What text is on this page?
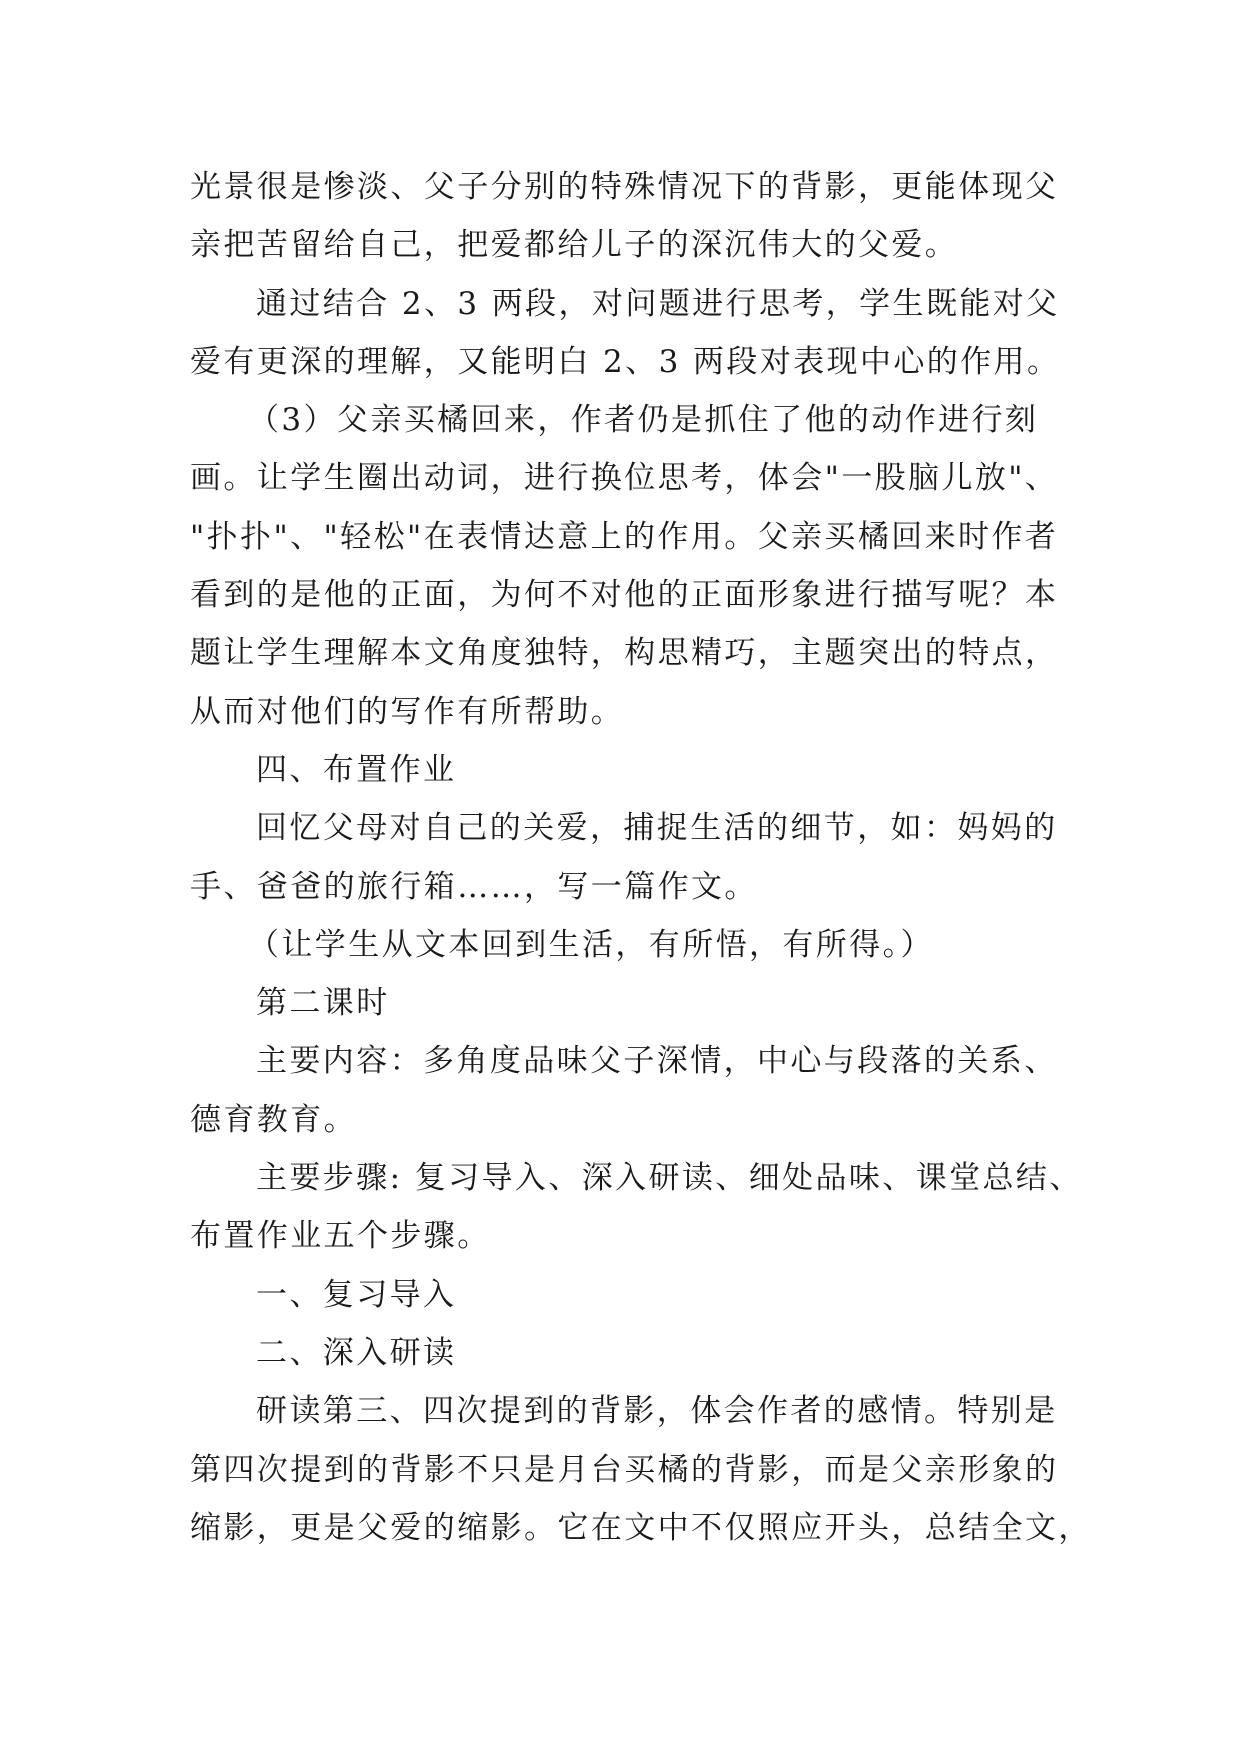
光景很是惨淡、父子分别的特殊情况下的背影，更能体现父
亲把苦留给自己，把爱都给儿子的深沉伟大的父爱。
通过结合 2、3 两段，对问题进行思考，学生既能对父
爱有更深的理解，又能明白 2、3 两段对表现中心的作用。
（3）父亲买橘回来，作者仍是抓住了他的动作进行刻
画。让学生圈出动词，进行换位思考，体会"一股脑儿放"、
"扑扑"、"轻松"在表情达意上的作用。父亲买橘回来时作者
看到的是他的正面，为何不对他的正面形象进行描写呢？本
题让学生理解本文角度独特，构思精巧，主题突出的特点，
从而对他们的写作有所帮助。
四、布置作业
回忆父母对自己的关爱，捕捉生活的细节，如：妈妈的
手、爸爸的旅行箱……，写一篇作文。
（让学生从文本回到生活，有所悟，有所得。）
第二课时
主要内容：多角度品味父子深情，中心与段落的关系、
德育教育。
主要步骤: 复习导入、深入研读、细处品味、课堂总结、
布置作业五个步骤。
一、复习导入
二、深入研读
研读第三、四次提到的背影，体会作者的感情。特别是
第四次提到的背影不只是月台买橘的背影，而是父亲形象的
缩影，更是父爱的缩影。它在文中不仅照应开头，总结全文，
